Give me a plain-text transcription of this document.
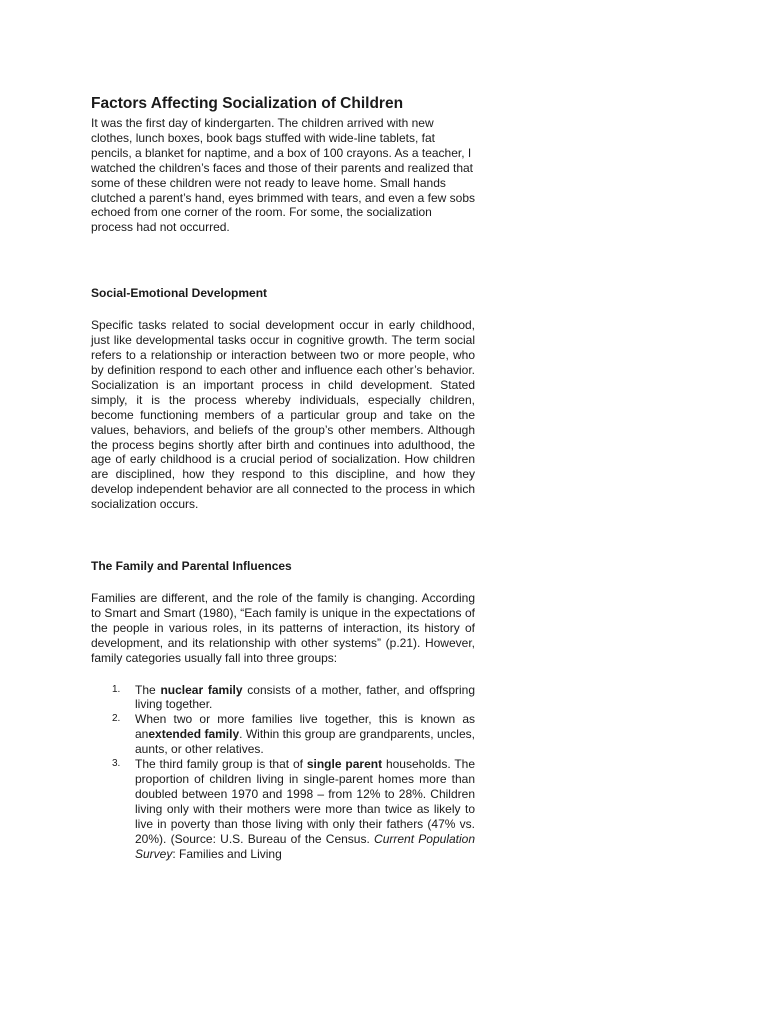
Factors Affecting Socialization of Children

It was the first day of kindergarten. The children arrived with new clothes, lunch boxes, book bags stuffed with wide-line tablets, fat pencils, a blanket for naptime, and a box of 100 crayons. As a teacher, I watched the children’s faces and those of their parents and realized that some of these children were not ready to leave home. Small hands clutched a parent’s hand, eyes brimmed with tears, and even a few sobs echoed from one corner of the room. For some, the socialization process had not occurred.

Social-Emotional Development

Specific tasks related to social development occur in early childhood, just like developmental tasks occur in cognitive growth. The term social refers to a relationship or interaction between two or more people, who by definition respond to each other and influence each other’s behavior. Socialization is an important process in child development. Stated simply, it is the process whereby individuals, especially children, become functioning members of a particular group and take on the values, behaviors, and beliefs of the group’s other members. Although the process begins shortly after birth and continues into adulthood, the age of early childhood is a crucial period of socialization. How children are disciplined, how they respond to this discipline, and how they develop independent behavior are all connected to the process in which socialization occurs.

The Family and Parental Influences

Families are different, and the role of the family is changing. According to Smart and Smart (1980), “Each family is unique in the expectations of the people in various roles, in its patterns of interaction, its history of development, and its relationship with other systems” (p.21). However, family categories usually fall into three groups:

1. The nuclear family consists of a mother, father, and offspring living together.
2. When two or more families live together, this is known as anextended family. Within this group are grandparents, uncles, aunts, or other relatives.
3. The third family group is that of single parent households. The proportion of children living in single-parent homes more than doubled between 1970 and 1998 – from 12% to 28%. Children living only with their mothers were more than twice as likely to live in poverty than those living with only their fathers (47% vs. 20%). (Source: U.S. Bureau of the Census. Current Population Survey: Families and Living
